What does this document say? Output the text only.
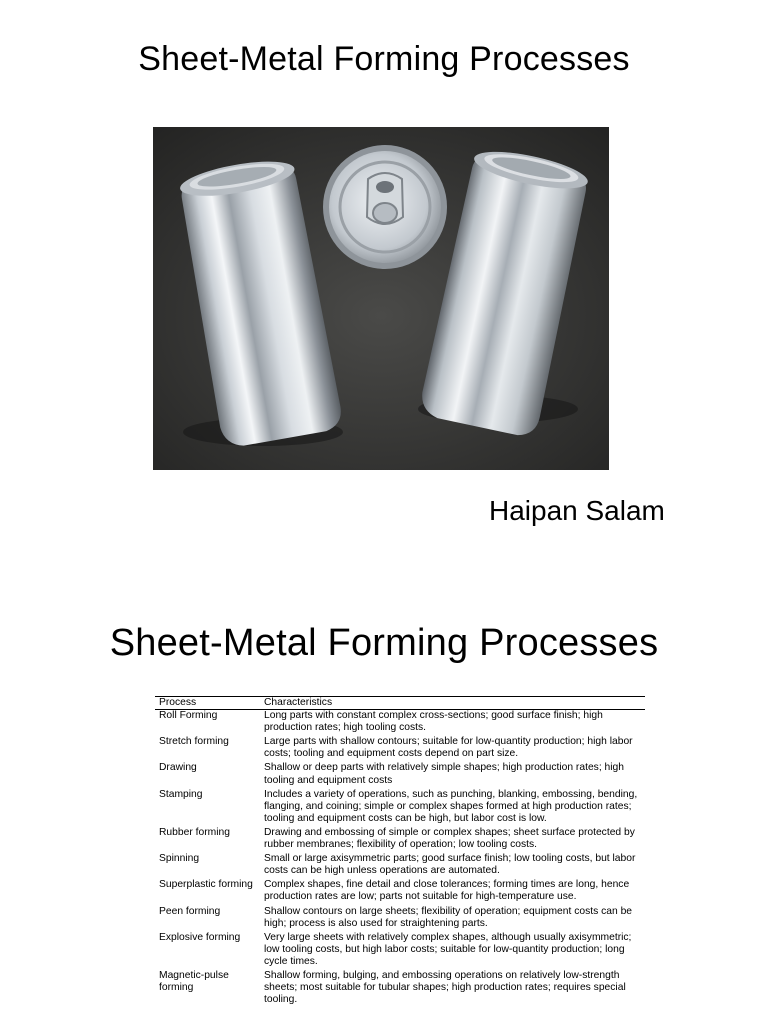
Sheet-Metal Forming Processes
Haipan Salam
Sheet-Metal Forming Processes
Process	Characteristics
Roll Forming	Long parts with constant complex cross-sections; good surface finish; high production rates; high tooling costs.
Stretch forming	Large parts with shallow contours; suitable for low-quantity production; high labor costs; tooling and equipment costs depend on part size.
Drawing	Shallow or deep parts with relatively simple shapes; high production rates; high tooling and equipment costs
Stamping	Includes a variety of operations, such as punching, blanking, embossing, bending, flanging, and coining; simple or complex shapes formed at high production rates; tooling and equipment costs can be high, but labor cost is low.
Rubber forming	Drawing and embossing of simple or complex shapes; sheet surface protected by rubber membranes; flexibility of operation; low tooling costs.
Spinning	Small or large axisymmetric parts; good surface finish; low tooling costs, but labor costs can be high unless operations are automated.
Superplastic forming	Complex shapes, fine detail and close tolerances; forming times are long, hence production rates are low; parts not suitable for high-temperature use.
Peen forming	Shallow contours on large sheets; flexibility of operation; equipment costs can be high; process is also used for straightening parts.
Explosive forming	Very large sheets with relatively complex shapes, although usually axisymmetric; low tooling costs, but high labor costs; suitable for low-quantity production; long cycle times.
Magnetic-pulse forming	Shallow forming, bulging, and embossing operations on relatively low-strength sheets; most suitable for tubular shapes; high production rates; requires special tooling.
